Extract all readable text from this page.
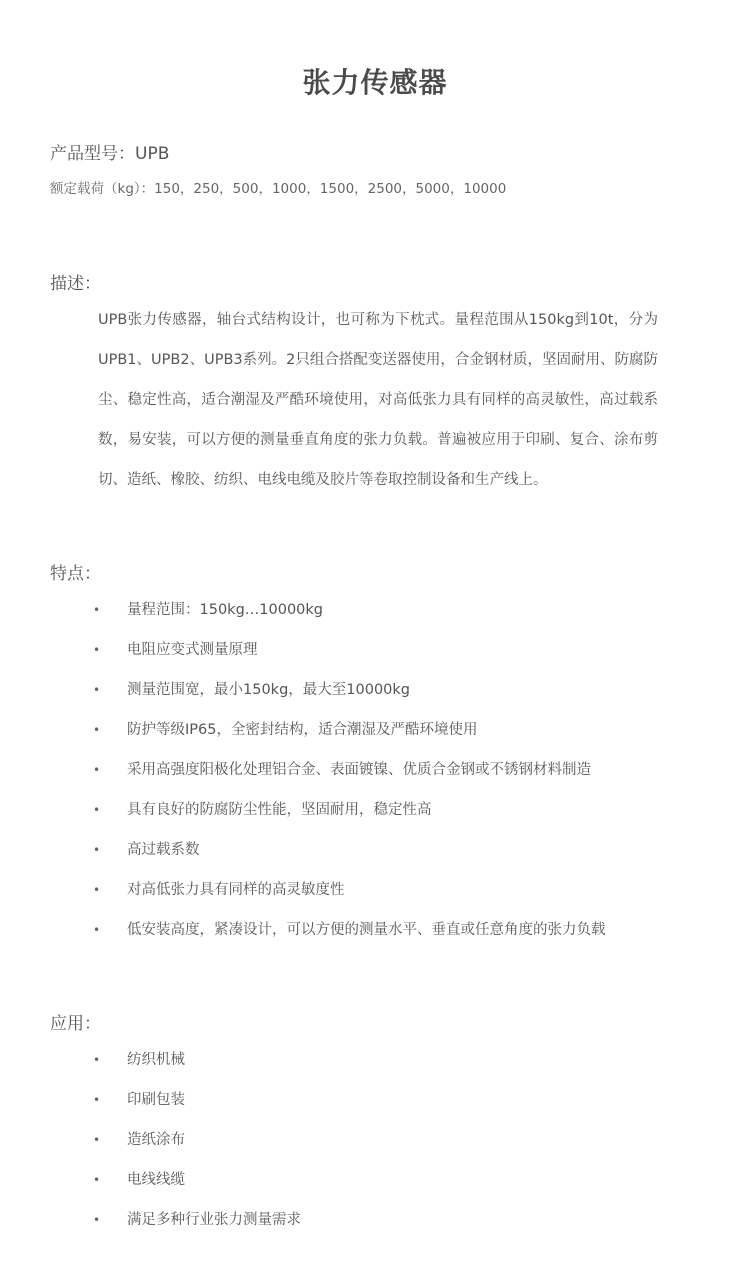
张力传感器
产品型号：UPB
额定载荷（kg）：150，250，500，1000，1500，2500，5000，10000
描述：

UPB张力传感器，轴台式结构设计，也可称为下枕式。量程范围从150kg到10t，分为UPB1、UPB2、UPB3系列。2只组合搭配变送器使用，合金钢材质，坚固耐用、防腐防尘、稳定性高，适合潮湿及严酷环境使用，对高低张力具有同样的高灵敏性，高过载系数，易安装，可以方便的测量垂直角度的张力负载。普遍被应用于印刷、复合、涂布剪切、造纸、橡胶、纺织、电线电缆及胶片等卷取控制设备和生产线上。

特点：
• 量程范围：150kg…10000kg
• 电阻应变式测量原理
• 测量范围宽，最小150kg，最大至10000kg
• 防护等级IP65，全密封结构，适合潮湿及严酷环境使用
• 采用高强度阳极化处理铝合金、表面镀镍、优质合金钢或不锈钢材料制造
• 具有良好的防腐防尘性能，坚固耐用，稳定性高
• 高过载系数
• 对高低张力具有同样的高灵敏度性
• 低安装高度，紧凑设计，可以方便的测量水平、垂直或任意角度的张力负载
应用：
• 纺织机械
• 印刷包装
• 造纸涂布
• 电线线缆
• 满足多种行业张力测量需求
